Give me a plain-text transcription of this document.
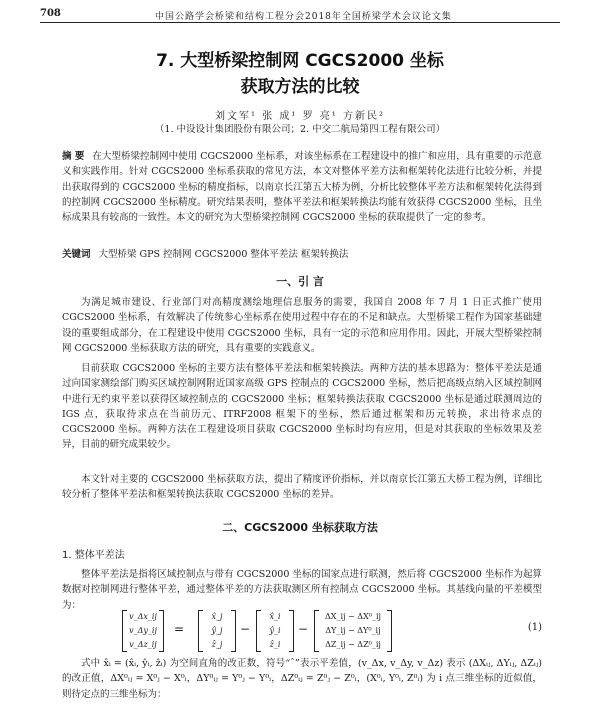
708	中国公路学会桥梁和结构工程分会2018年全国桥梁学术会议论文集
7. 大型桥梁控制网 CGCS2000 坐标
获取方法的比较
刘文军¹ 张 成¹ 罗 亮¹ 方新民²
（1. 中设设计集团股份有限公司；2. 中交二航局第四工程有限公司）
摘 要 在大型桥梁控制网中使用 CGCS2000 坐标系，对该坐标系在工程建设中的推广和应用，具有重要的示范意义和实践作用。针对 CGCS2000 坐标系获取的常见方法，本文对整体平差方法和框架转化法进行比较分析，并提出获取得到的 CGCS2000 坐标的精度指标，以南京长江第五大桥为例，分析比较整体平差方法和框架转化法得到的控制网 CGCS2000 坐标精度。研究结果表明，整体平差法和框架转换法均能有效获得 CGCS2000 坐标，且坐标成果具有较高的一致性。本文的研究为大型桥梁控制网 CGCS2000 坐标的获取提供了一定的参考。
关键词 大型桥梁 GPS 控制网 CGCS2000 整体平差法 框架转换法
一、引 言
为满足城市建设、行业部门对高精度测绘地理信息服务的需要，我国自 2008 年 7 月 1 日正式推广使用 CGCS2000 坐标系，有效解决了传统参心坐标系在使用过程中存在的不足和缺点。大型桥梁工程作为国家基础建设的重要组成部分，在工程建设中使用 CGCS2000 坐标，具有一定的示范和应用作用。因此，开展大型桥梁控制网 CGCS2000 坐标获取方法的研究，具有重要的实践意义。
目前获取 CGCS2000 坐标的主要方法有整体平差法和框架转换法。两种方法的基本思路为：整体平差法是通过向国家测绘部门购买区域控制网附近国家高级 GPS 控制点的 CGCS2000 坐标，然后把高级点纳入区域控制网中进行无约束平差以获得区域控制点的 CGCS2000 坐标；框架转换法获取 CGCS2000 坐标是通过联测周边的 IGS 点，获取待求点在当前历元、ITRF2008 框架下的坐标，然后通过框架和历元转换，求出待求点的 CGCS2000 坐标。两种方法在工程建设项目获取 CGCS2000 坐标时均有应用，但是对其获取的坐标效果及差异，目前的研究成果较少。
本文针对主要的 CGCS2000 坐标获取方法，提出了精度评价指标，并以南京长江第五大桥工程为例，详细比较分析了整体平差法和框架转换法获取 CGCS2000 坐标的差异。
二、CGCS2000 坐标获取方法
1. 整体平差法
整体平差法是指将区域控制点与带有 CGCS2000 坐标的国家点进行联测，然后将 CGCS2000 坐标作为起算数据对控制网进行整体平差，通过整体平差的方法获取测区所有控制点 CGCS2000 坐标。其基线向量的平差模型为：
v_Δx_ij
v_Δy_ij
v_Δz_ij
=
x̂_j
ŷ_j
ẑ_j
−
x̂_i
ŷ_i
ẑ_i
−
ΔX_ij − ΔX⁰_ij
ΔY_ij − ΔY⁰_ij
ΔZ_ij − ΔZ⁰_ij
(1)
式中 x̂ᵢ = (x̂ᵢ, ŷᵢ, ẑᵢ) 为空间直角的改正数，符号“ˆ”表示平差值，(v_Δx, v_Δy, v_Δz) 表示 (ΔXᵢⱼ, ΔYᵢⱼ, ΔZᵢⱼ) 的改正值，ΔX⁰ᵢⱼ = X⁰ⱼ − X⁰ᵢ，ΔY⁰ᵢⱼ = Y⁰ⱼ − Y⁰ᵢ，ΔZ⁰ᵢⱼ = Z⁰ⱼ − Z⁰ᵢ，(X⁰ᵢ, Y⁰ᵢ, Z⁰ᵢ) 为 i 点三维坐标的近似值，则待定点的三维坐标为：
